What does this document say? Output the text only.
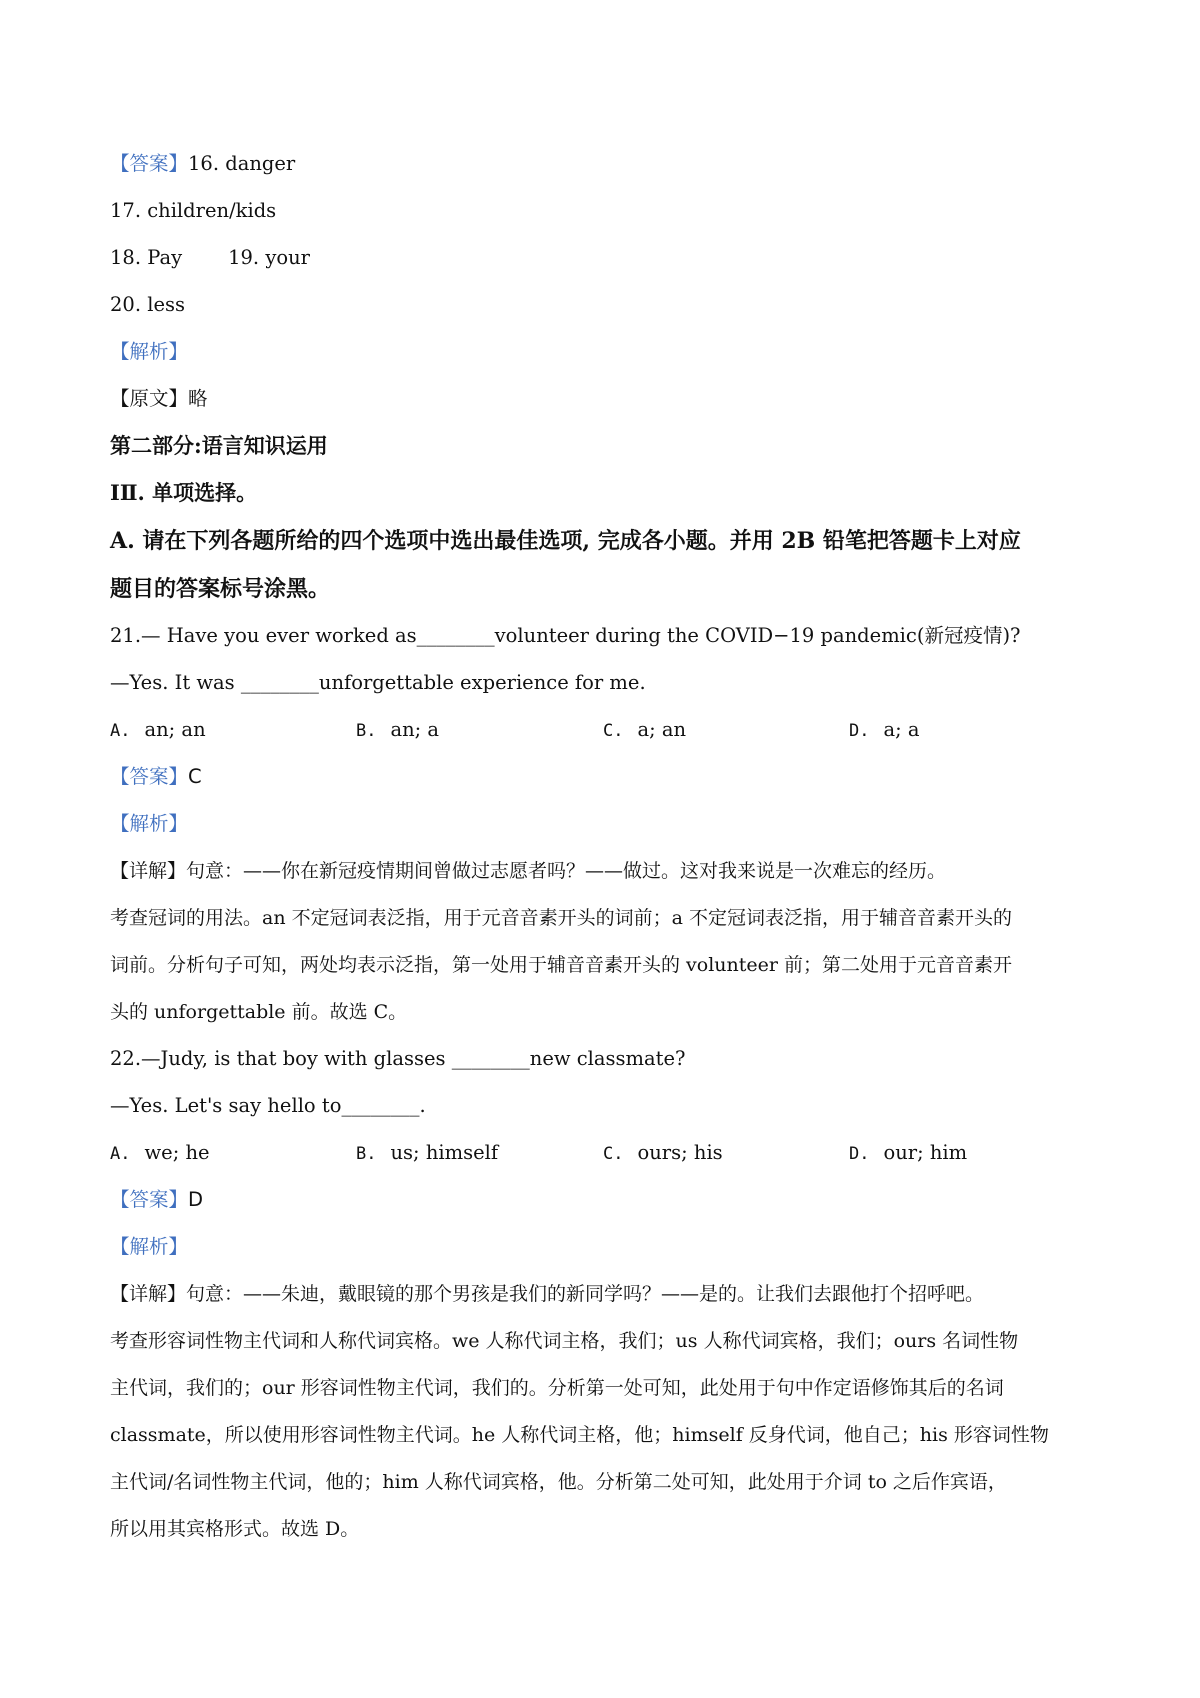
【答案】16. danger
17. children/kids
18. Pay 19. your
20. less
【解析】
【原文】略
第二部分:语言知识运用
IⅡ. 单项选择。
A. 请在下列各题所给的四个选项中选出最佳选项, 完成各小题。并用 2B 铅笔把答题卡上对应
题目的答案标号涂黑。
21.— Have you ever worked as________volunteer during the COVID−19 pandemic(新冠疫情)?
—Yes. It was ________unforgettable experience for me.
A. an; an	B. an; a	C. a; an	D. a; a
【答案】C
【解析】
【详解】句意：——你在新冠疫情期间曾做过志愿者吗？——做过。这对我来说是一次难忘的经历。
考查冠词的用法。an 不定冠词表泛指，用于元音音素开头的词前；a 不定冠词表泛指，用于辅音音素开头的
词前。分析句子可知，两处均表示泛指，第一处用于辅音音素开头的 volunteer 前；第二处用于元音音素开
头的 unforgettable 前。故选 C。
22.—Judy, is that boy with glasses ________new classmate?
—Yes. Let's say hello to________.
A. we; he	B. us; himself	C. ours; his	D. our; him
【答案】D
【解析】
【详解】句意：——朱迪，戴眼镜的那个男孩是我们的新同学吗？——是的。让我们去跟他打个招呼吧。
考查形容词性物主代词和人称代词宾格。we 人称代词主格，我们；us 人称代词宾格，我们；ours 名词性物
主代词，我们的；our 形容词性物主代词，我们的。分析第一处可知，此处用于句中作定语修饰其后的名词
classmate，所以使用形容词性物主代词。he 人称代词主格，他；himself 反身代词，他自己；his 形容词性物
主代词/名词性物主代词，他的；him 人称代词宾格，他。分析第二处可知，此处用于介词 to 之后作宾语，
所以用其宾格形式。故选 D。
